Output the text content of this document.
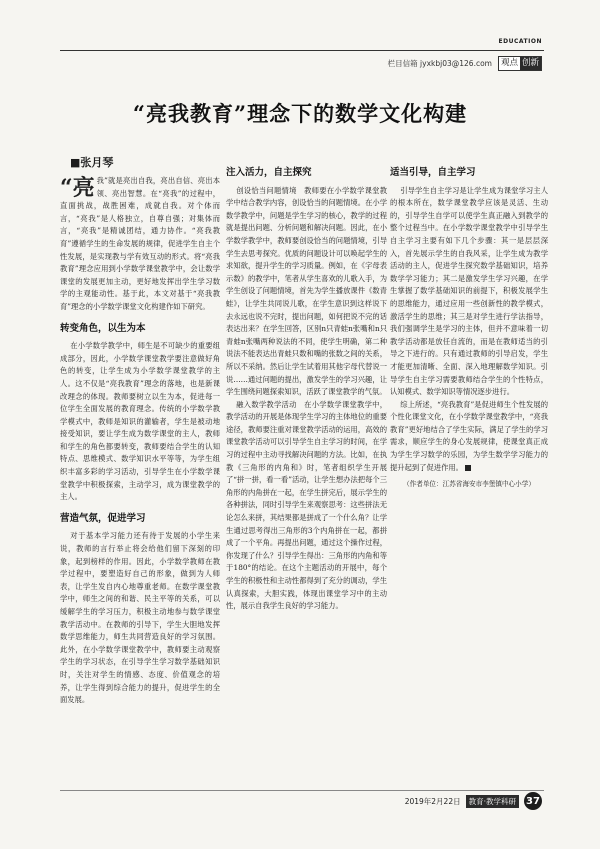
EDUCATION
栏目信箱 jyxkbj03@126.com 观点 创新
“亮我教育”理念下的数学文化构建
■张月琴

“亮 我”就是亮出自我，亮出自信、亮出本领、亮出智慧。在“亮我”的过程中，直面挑战，战胜困难，成就自我。对个体而言，“亮我”是人格独立，自尊自强；对集体而言，“亮我”是精诚团结，通力协作。“亮我教育”遵循学生的生命发展的规律，促进学生自主个性发展，是实现教与学有效互动的形式。将“亮我教育”理念应用到小学数学课堂教学中，会让数学课堂的发展更加主动，更好地发挥出学生学习数学的主观能动性。基于此，本文对基于“亮我教育”理念的小学数学课堂文化构建作如下研究。

转变角色，以生为本

在小学数学教学中，师生是不可缺少的重要组成部分，因此，小学数学课堂教学要注意做好角色的转变，让学生成为小学数学课堂教学的主人。这不仅是“亮我教育”理念的落地，也是新课改理念的体现。教师要树立以生为本，促进每一位学生全面发展的教育理念。传统的小学数学教学模式中，教师是知识的灌输者，学生是被动地接受知识，要让学生成为数学课堂的主人，教师和学生的角色都要转变，教师要结合学生的认知特点、思维模式、数学知识水平等等，为学生组织丰富多彩的学习活动，引导学生在小学数学课堂教学中积极探索，主动学习，成为课堂教学的主人。

营造气氛，促进学习

对于基本学习能力还有待于发展的小学生来说，教师的言行举止将会给他们留下深刻的印象，起到榜样的作用。因此，小学数学教师在教学过程中，要塑造好自己的形象，做到为人师表，让学生发自内心地尊重老师。在数学课堂教学中，师生之间的和谐、民主平等的关系，可以缓解学生的学习压力，积极主动地参与数学课堂教学活动中。在教师的引导下，学生大胆地发挥数学思维能力，师生共同营造良好的学习氛围。此外，在小学数学课堂教学中，教师要主动观察学生的学习状态，在引导学生学习数学基础知识时，关注对学生的情感、态度、价值观念的培养，让学生得到综合能力的提升，促进学生的全面发展。

注入活力，自主探究

创设恰当问题情境　教师要在小学数学课堂教学中结合教学内容，创设恰当的问题情境。在小学数学教学中，问题是学生学习的核心，教学的过程就是提出问题、分析问题和解决问题。因此，在小学数学教学中，教师要创设恰当的问题情境，引导学生去思考探究。优质的问题设计可以唤起学生的求知欲，提升学生的学习质量。例如，在《字母表示数》的教学中，笔者从学生喜欢的儿歌入手，为学生创设了问题情境，首先为学生播放课件《数青蛙》，让学生共同说儿歌，在学生意识到这样说下去永远也说不完时，提出问题，如何把说不完的话表达出来？在学生回答，区别n只青蛙n张嘴和n只青蛙n张嘴两种说法的不同，使学生明确，第二种说法不能表达出青蛙只数和嘴的张数之间的关系，所以不采纳。然后让学生试着用其他字母代替说一说……通过问题的提出，激发学生的学习兴趣，让学生围绕问题探索知识，活跃了课堂教学的气氛。

融入数学教学活动　在小学数学课堂教学中，教学活动的开展是体现学生学习的主体地位的重要途径，教师要注重对课堂教学活动的运用，高效的课堂教学活动可以引导学生自主学习的时间，在学习的过程中主动寻找解决问题的方法。比如，在执教《三角形的内角和》时，笔者组织学生开展了“拼一拼，看一看”活动，让学生想办法把每个三角形的内角拼在一起，在学生拼完后，展示学生的各种拼法，同时引导学生来观察思考：这些拼法无论怎么来拼，其结果都是拼成了一个什么角？让学生通过思考得出三角形的3个内角拼在一起，都拼成了一个平角。再提出问题，通过这个操作过程，你发现了什么？引导学生得出：三角形的内角和等于180°的结论。在这个主题活动的开展中，每个学生的积极性和主动性都得到了充分的调动，学生认真探索，大胆实践，体现出课堂学习中的主动性，展示自我学生良好的学习能力。

适当引导，自主学习

引导学生自主学习是让学生成为课堂学习主人的根本所在，数学课堂教学应该是灵活、生动的，引导学生自学可以使学生真正融入到教学的整个过程当中。在小学数学课堂教学中引导学生自主学习主要有如下几个步骤：其一是层层深入，首先展示学生的自我风采，让学生成为教学活动的主人，促进学生探究数学基础知识，培养数学学习能力；其二是激发学生学习兴趣，在学生掌握了数学基础知识的前提下，积极发展学生的思维能力，通过应用一些创新性的教学模式，激活学生的思维；其三是对学生进行学法指导，我们强调学生是学习的主体，但并不意味着一切教学活动都是放任自流的，而是在教师适当的引导之下进行的。只有通过教师的引导启发，学生才能更加清晰、全面、深入地理解数学知识。引导学生自主学习需要教师结合学生的个性特点，认知模式、数学知识等情况逐步进行。

综上所述，“亮我教育”是促进师生个性发展的个性化课堂文化，在小学数学课堂教学中，“亮我教育”更好地结合了学生实际，满足了学生的学习需求，顺应学生的身心发展规律，使课堂真正成为学生学习数学的乐园，为学生数学学习能力的提升起到了促进作用。

（作者单位：江苏省海安市李堡镇中心小学）
2019年2月22日	教育·教学科研	37
